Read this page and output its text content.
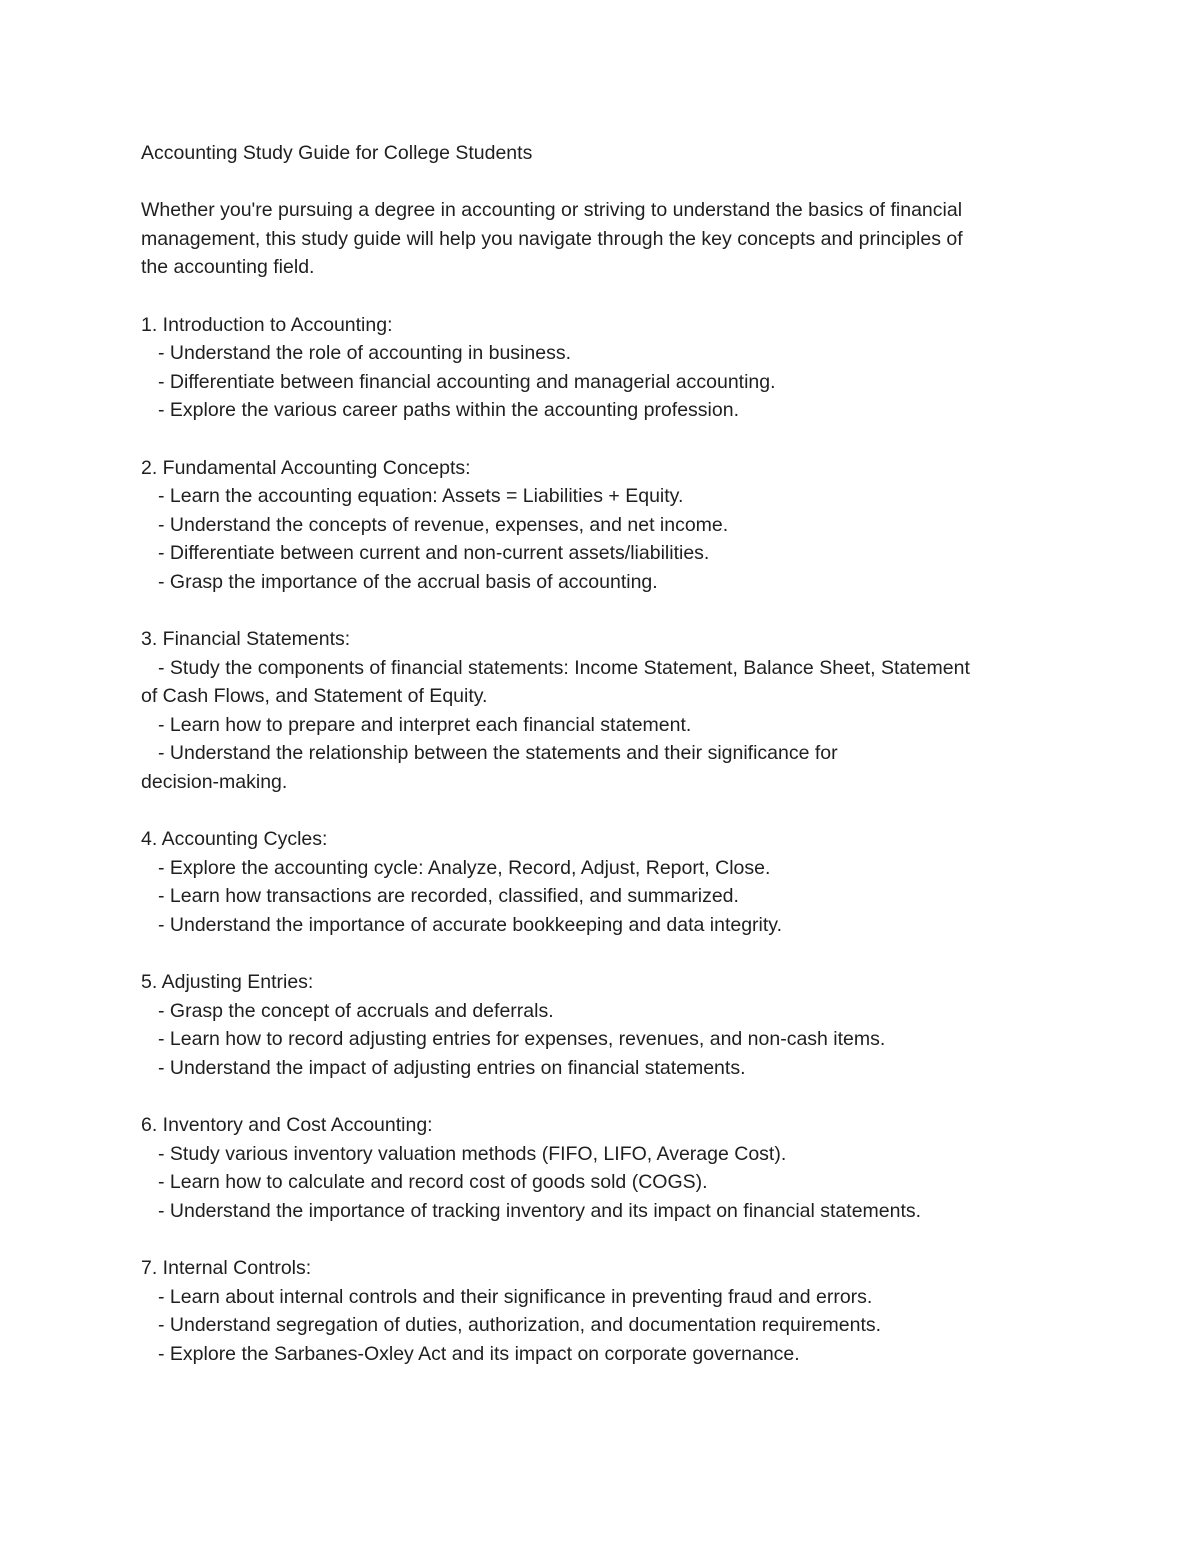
Accounting Study Guide for College Students

Whether you're pursuing a degree in accounting or striving to understand the basics of financial

management, this study guide will help you navigate through the key concepts and principles of

the accounting field.

1. Introduction to Accounting:

- Understand the role of accounting in business.

- Differentiate between financial accounting and managerial accounting.

- Explore the various career paths within the accounting profession.

2. Fundamental Accounting Concepts:

- Learn the accounting equation: Assets = Liabilities + Equity.

- Understand the concepts of revenue, expenses, and net income.

- Differentiate between current and non-current assets/liabilities.

- Grasp the importance of the accrual basis of accounting.

3. Financial Statements:

- Study the components of financial statements: Income Statement, Balance Sheet, Statement

of Cash Flows, and Statement of Equity.

- Learn how to prepare and interpret each financial statement.

- Understand the relationship between the statements and their significance for

decision-making.

4. Accounting Cycles:

- Explore the accounting cycle: Analyze, Record, Adjust, Report, Close.

- Learn how transactions are recorded, classified, and summarized.

- Understand the importance of accurate bookkeeping and data integrity.

5. Adjusting Entries:

- Grasp the concept of accruals and deferrals.

- Learn how to record adjusting entries for expenses, revenues, and non-cash items.

- Understand the impact of adjusting entries on financial statements.

6. Inventory and Cost Accounting:

- Study various inventory valuation methods (FIFO, LIFO, Average Cost).

- Learn how to calculate and record cost of goods sold (COGS).

- Understand the importance of tracking inventory and its impact on financial statements.

7. Internal Controls:

- Learn about internal controls and their significance in preventing fraud and errors.

- Understand segregation of duties, authorization, and documentation requirements.

- Explore the Sarbanes-Oxley Act and its impact on corporate governance.
